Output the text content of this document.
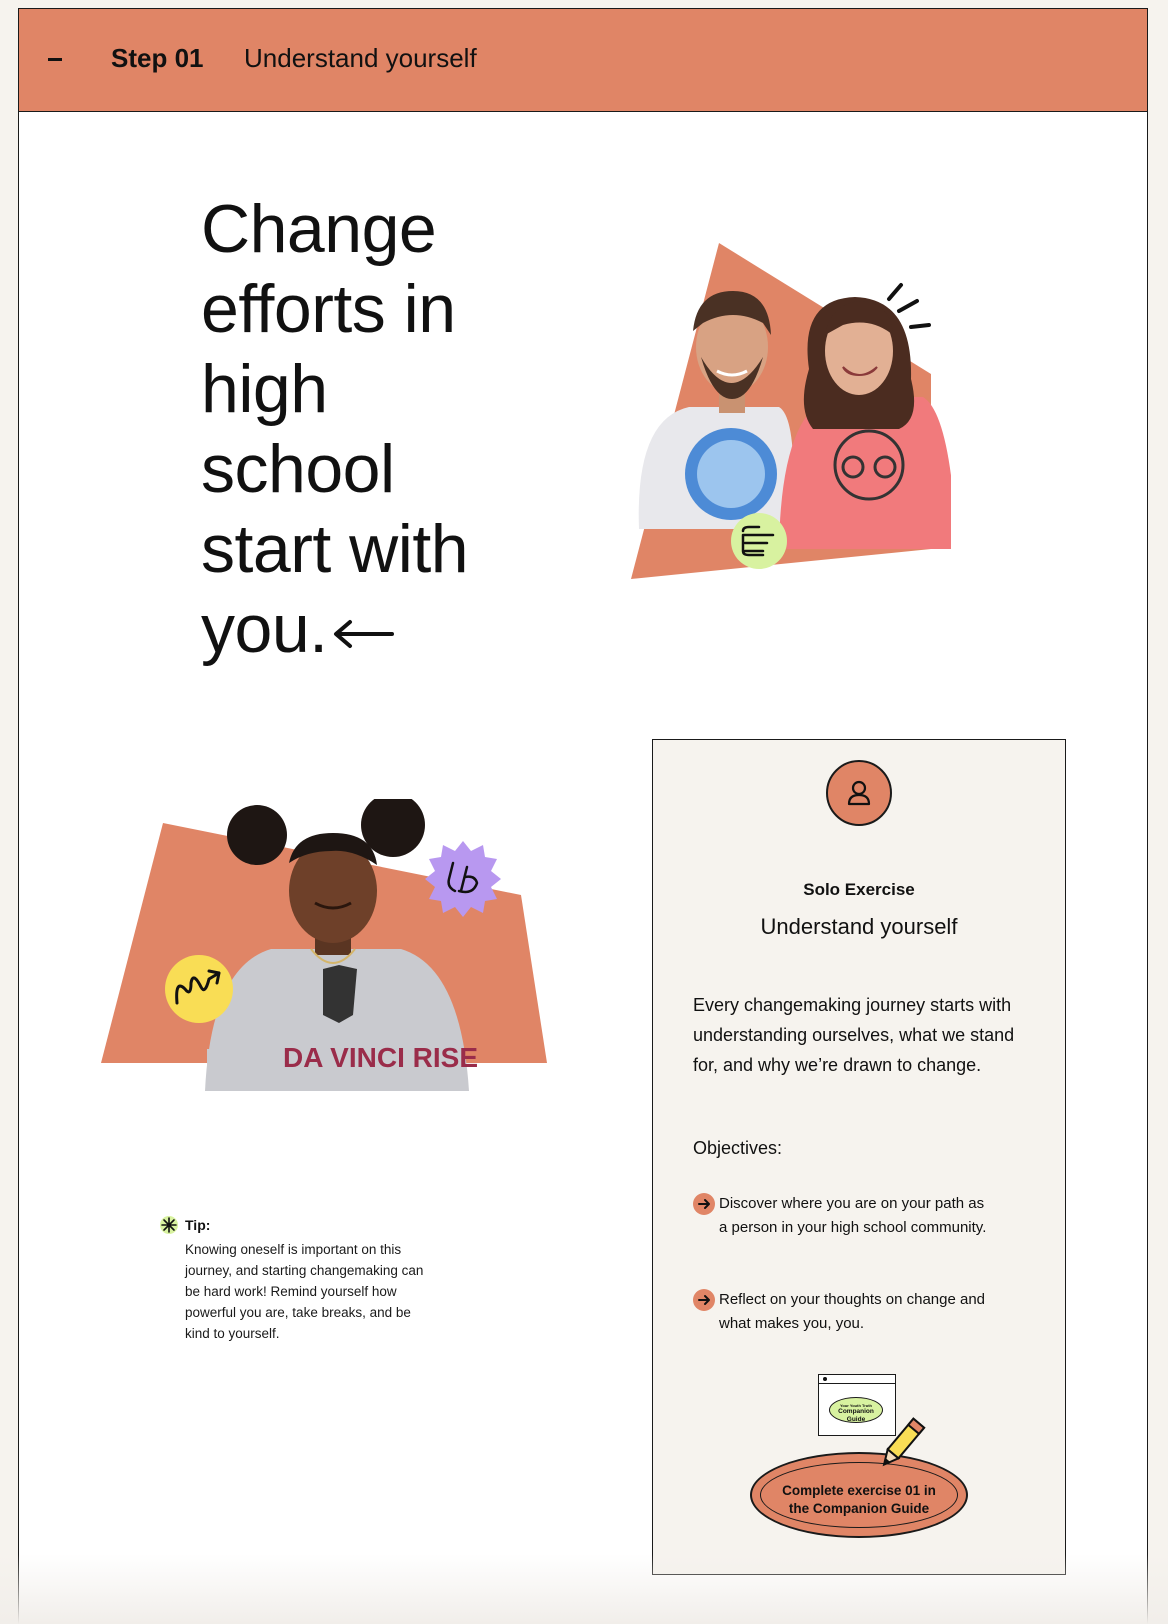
Step 01 Understand yourself
Change efforts in high school start with you.
DA VINCI RISE
Tip:
Knowing oneself is important on this journey, and starting changemaking can be hard work! Remind yourself how powerful you are, take breaks, and be kind to yourself.
Solo Exercise
Understand yourself
Every changemaking journey starts with understanding ourselves, what we stand for, and why we’re drawn to change.
Objectives:
Discover where you are on your path as a person in your high school community.
Reflect on your thoughts on change and what makes you, you.
Your Youth Truth
Companion Guide
Complete exercise 01 in the Companion Guide
